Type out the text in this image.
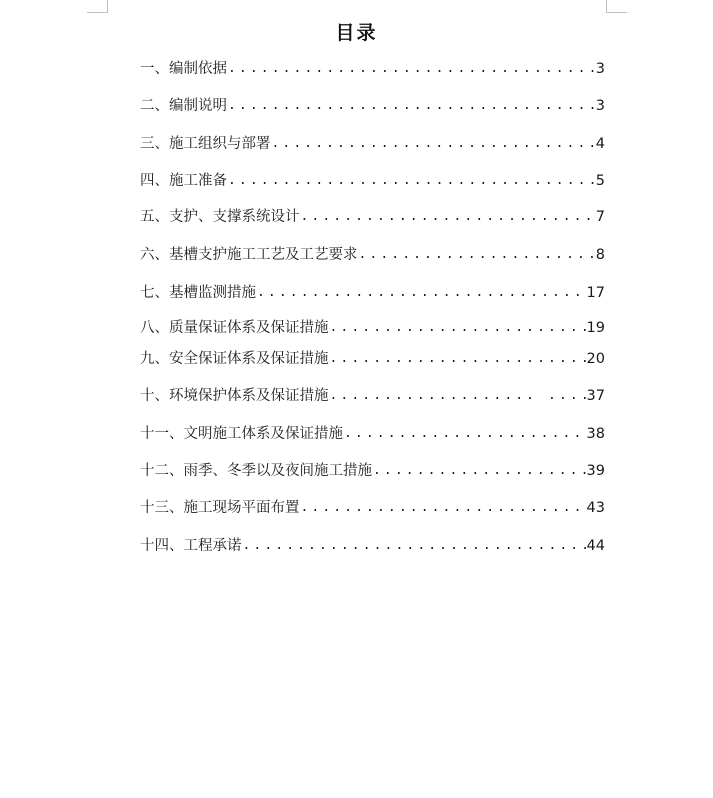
目录
一、编制依据 .....	3
二、编制说明 .....	3
三、施工组织与部署 .....	4
四、施工准备 .....	5
五、支护、支撑系统设计 .....	7
六、基槽支护施工工艺及工艺要求 .....	8
七、基槽监测措施 .....	17
八、质量保证体系及保证措施 .....	19
九、安全保证体系及保证措施 .....	20
十、环境保护体系及保证措施 .....	37
十一、文明施工体系及保证措施 .....	38
十二、雨季、冬季以及夜间施工措施 .....	39
十三、施工现场平面布置 .....	43
十四、工程承诺 .....	44
